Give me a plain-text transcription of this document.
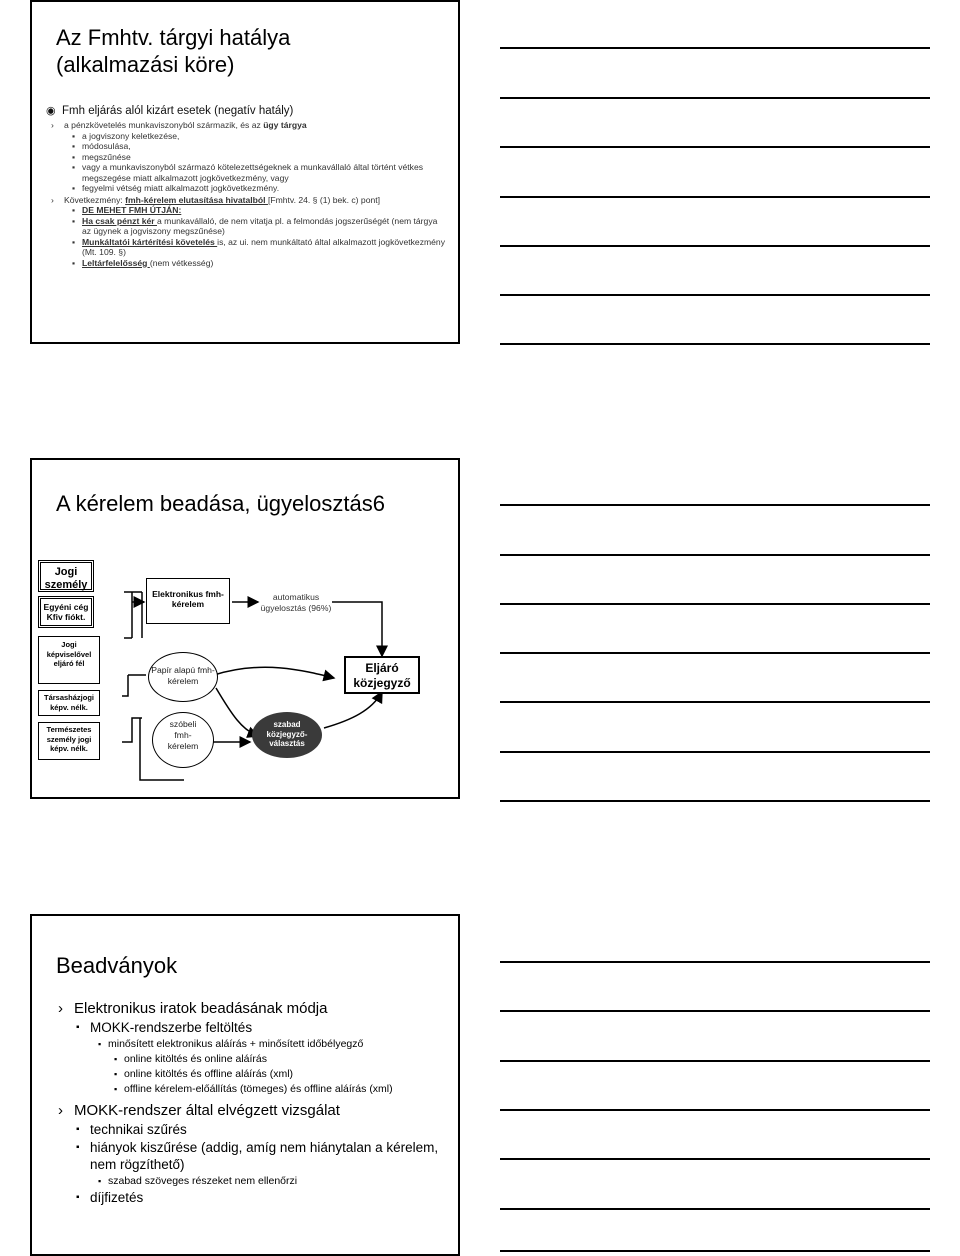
Az Fmhtv. tárgyi hatálya
(alkalmazási köre)
◉ Fmh eljárás alól kizárt esetek (negatív hatály)
› a pénzkövetelés munkaviszonyból származik, és az ügy tárgya
▪ a jogviszony keletkezése,
▪ módosulása,
▪ megszűnése
▪ vagy a munkaviszonyból származó kötelezettségeknek a munkavállaló által történt vétkes megszegése miatt alkalmazott jogkövetkezmény, vagy
▪ fegyelmi vétség miatt alkalmazott jogkövetkezmény.
› Következmény: fmh-kérelem elutasítása hivatalból [Fmhtv. 24. § (1) bek. c) pont]
▪ DE MEHET FMH ÚTJÁN:
▪ Ha csak pénzt kér a munkavállaló, de nem vitatja pl. a felmondás jogszerűségét (nem tárgya az ügynek a jogviszony megszűnése)
▪ Munkáltatói kártérítési követelés is, az ui. nem munkáltató által alkalmazott jogkövetkezmény (Mt. 109. §)
▪ Leltárfelelősség (nem vétkesség)
A kérelem beadása, ügyelosztás6
Jogi személy
Egyéni cég Kfiv fiókt.
Jogi képviselővel eljáró fél
Társasházjogi képv. nélk.
Természetes személy jogi képv. nélk.
Elektronikus fmh-kérelem
automatikus ügyelosztás (96%)
Papír alapú fmh-kérelem
szóbeli fmh-kérelem
szabad közjegyző-választás
Eljáró közjegyző
Beadványok
› Elektronikus iratok beadásának módja
▪ MOKK-rendszerbe feltöltés
▪ minősített elektronikus aláírás + minősített időbélyegző
▪ online kitöltés és online aláírás
▪ online kitöltés és offline aláírás (xml)
▪ offline kérelem-előállítás (tömeges) és offline aláírás (xml)
› MOKK-rendszer által elvégzett vizsgálat
▪ technikai szűrés
▪ hiányok kiszűrése (addig, amíg nem hiánytalan a kérelem, nem rögzíthető)
▪ szabad szöveges részeket nem ellenőrzi
▪ díjfizetés
